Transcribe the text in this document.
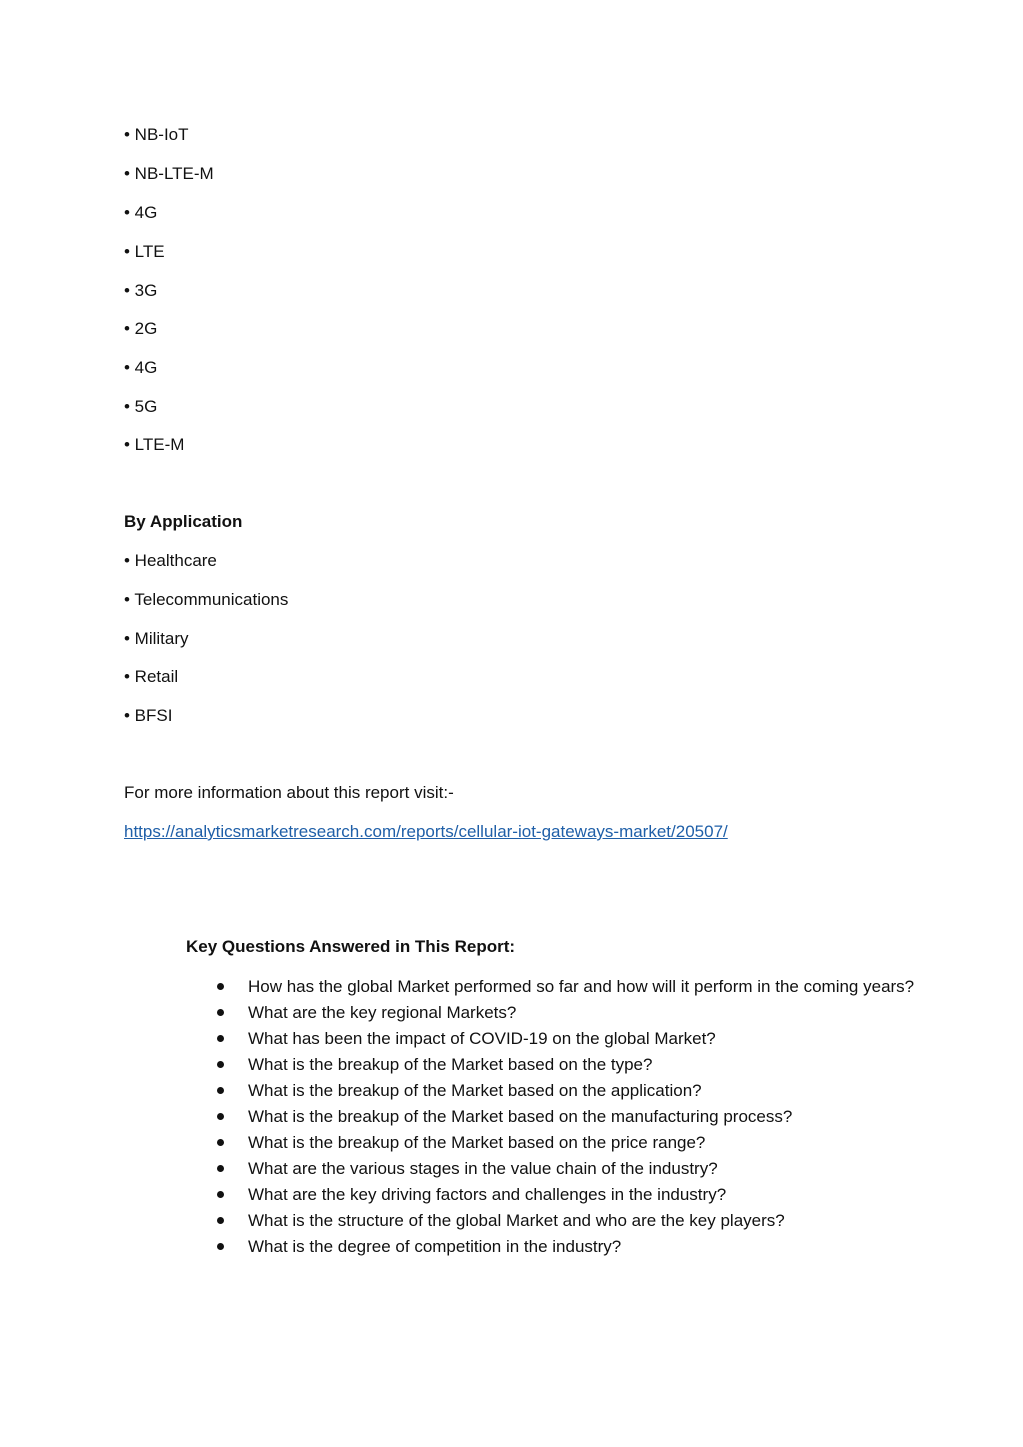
• NB-IoT
• NB-LTE-M
• 4G
• LTE
• 3G
• 2G
• 4G
• 5G
• LTE-M
By Application
• Healthcare
• Telecommunications
• Military
• Retail
• BFSI
For more information about this report visit:-
https://analyticsmarketresearch.com/reports/cellular-iot-gateways-market/20507/
Key Questions Answered in This Report:
How has the global Market performed so far and how will it perform in the coming years?
What are the key regional Markets?
What has been the impact of COVID-19 on the global Market?
What is the breakup of the Market based on the type?
What is the breakup of the Market based on the application?
What is the breakup of the Market based on the manufacturing process?
What is the breakup of the Market based on the price range?
What are the various stages in the value chain of the industry?
What are the key driving factors and challenges in the industry?
What is the structure of the global Market and who are the key players?
What is the degree of competition in the industry?
